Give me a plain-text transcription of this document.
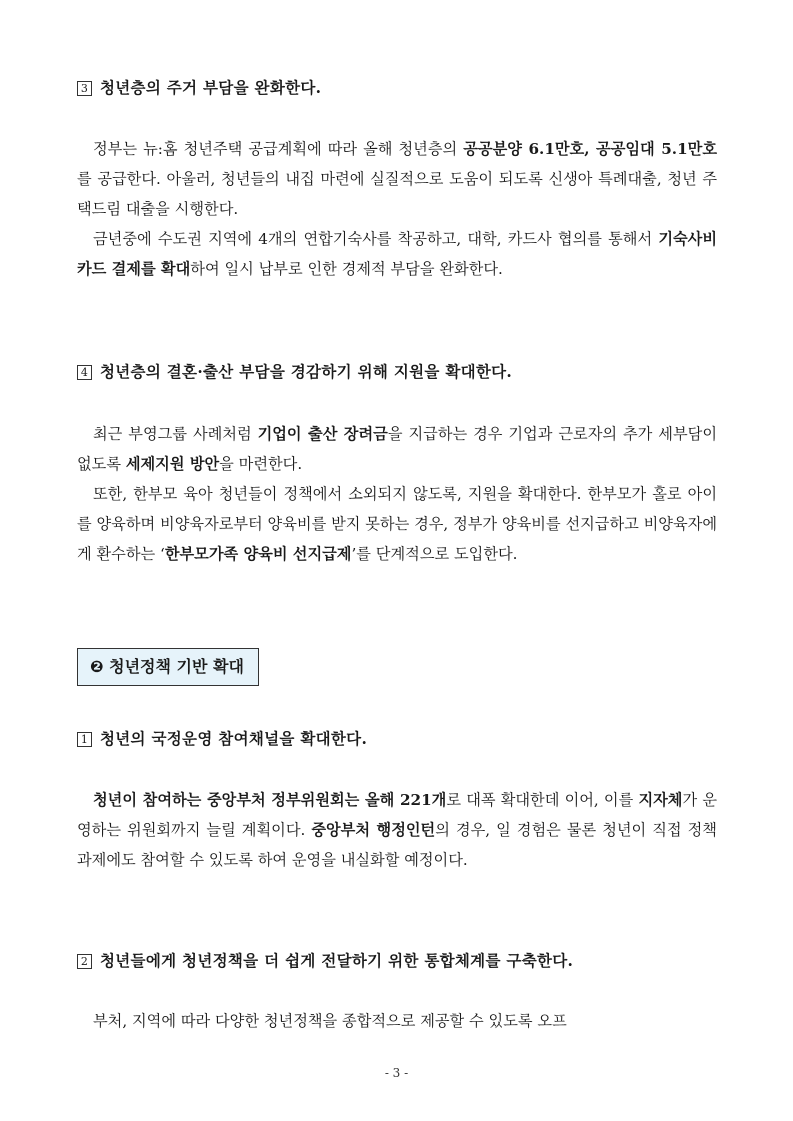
3 청년층의 주거 부담을 완화한다.
정부는 뉴:홈 청년주택 공급계획에 따라 올해 청년층의 공공분양 6.1만호, 공공임대 5.1만호를 공급한다. 아울러, 청년들의 내집 마련에 실질적으로 도움이 되도록 신생아 특례대출, 청년 주택드림 대출을 시행한다.
금년중에 수도권 지역에 4개의 연합기숙사를 착공하고, 대학, 카드사 협의를 통해서 기숙사비 카드 결제를 확대하여 일시 납부로 인한 경제적 부담을 완화한다.
4 청년층의 결혼·출산 부담을 경감하기 위해 지원을 확대한다.
최근 부영그룹 사례처럼 기업이 출산 장려금을 지급하는 경우 기업과 근로자의 추가 세부담이 없도록 세제지원 방안을 마련한다.
또한, 한부모 육아 청년들이 정책에서 소외되지 않도록, 지원을 확대한다. 한부모가 홀로 아이를 양육하며 비양육자로부터 양육비를 받지 못하는 경우, 정부가 양육비를 선지급하고 비양육자에게 환수하는 ‘한부모가족 양육비 선지급제’를 단계적으로 도입한다.
❷ 청년정책 기반 확대
1 청년의 국정운영 참여채널을 확대한다.
청년이 참여하는 중앙부처 정부위원회는 올해 221개로 대폭 확대한데 이어, 이를 지자체가 운영하는 위원회까지 늘릴 계획이다. 중앙부처 행정인턴의 경우, 일 경험은 물론 청년이 직접 정책과제에도 참여할 수 있도록 하여 운영을 내실화할 예정이다.
2 청년들에게 청년정책을 더 쉽게 전달하기 위한 통합체계를 구축한다.
부처, 지역에 따라 다양한 청년정책을 종합적으로 제공할 수 있도록 오프
- 3 -
